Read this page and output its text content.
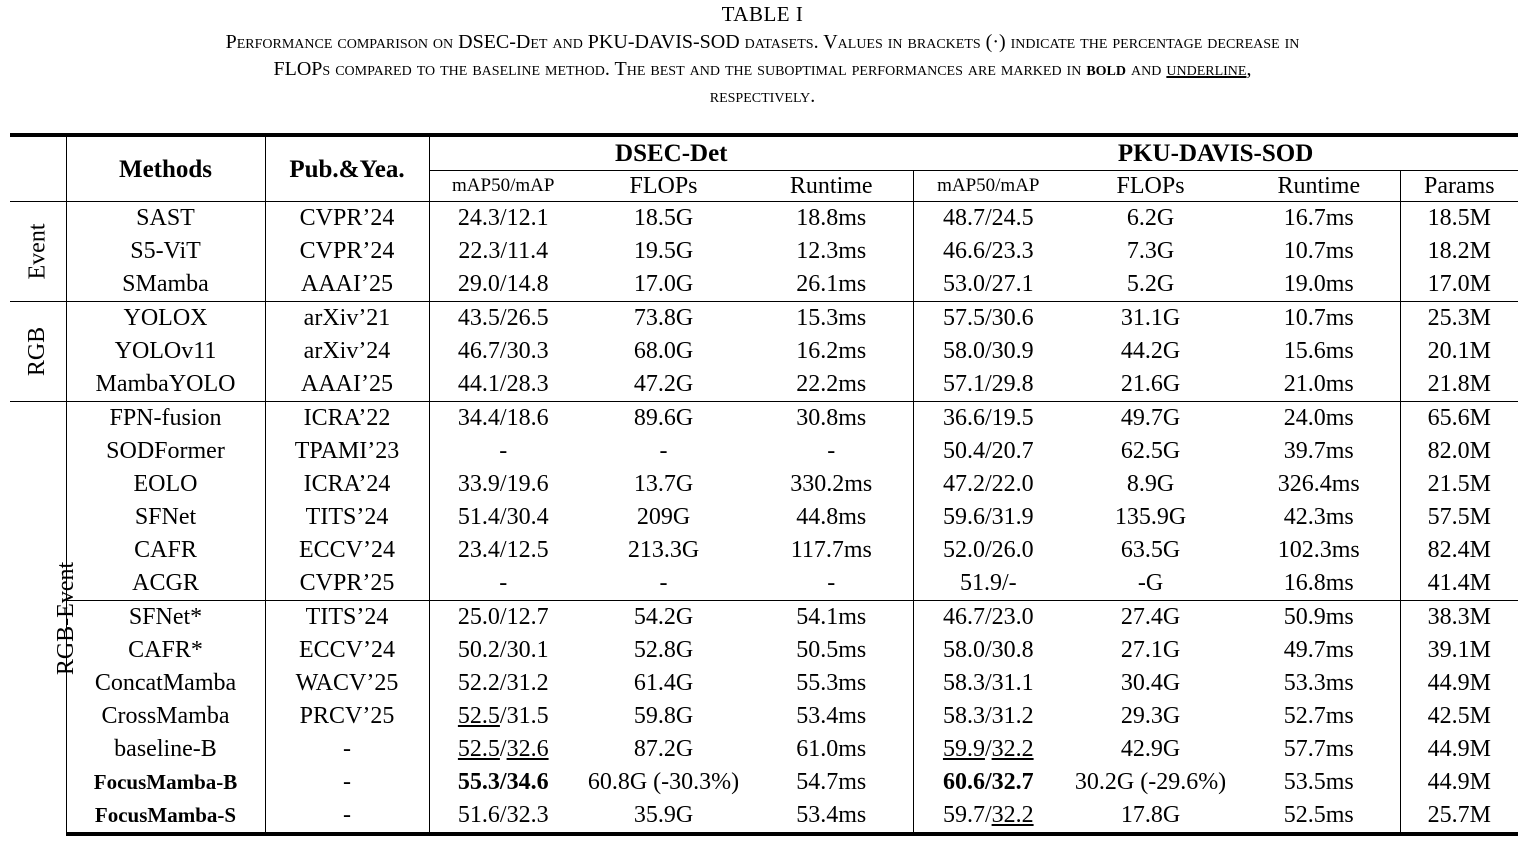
TABLE I
Performance comparison on DSEC-Det and PKU-DAVIS-SOD datasets. Values in brackets (·) indicate the percentage decrease in
FLOPs compared to the baseline method. The best and the suboptimal performances are marked in bold and underline,
respectively.
	Methods	Pub.&Yea.	DSEC-Det			PKU-DAVIS-SOD			
			mAP50/mAP	FLOPs	Runtime	mAP50/mAP	FLOPs	Runtime	Params
Event	SAST	CVPR’24	24.3/12.1	18.5G	18.8ms	48.7/24.5	6.2G	16.7ms	18.5M
	S5-ViT	CVPR’24	22.3/11.4	19.5G	12.3ms	46.6/23.3	7.3G	10.7ms	18.2M
	SMamba	AAAI’25	29.0/14.8	17.0G	26.1ms	53.0/27.1	5.2G	19.0ms	17.0M
RGB	YOLOX	arXiv’21	43.5/26.5	73.8G	15.3ms	57.5/30.6	31.1G	10.7ms	25.3M
	YOLOv11	arXiv’24	46.7/30.3	68.0G	16.2ms	58.0/30.9	44.2G	15.6ms	20.1M
	MambaYOLO	AAAI’25	44.1/28.3	47.2G	22.2ms	57.1/29.8	21.6G	21.0ms	21.8M
RGB-Event	FPN-fusion	ICRA’22	34.4/18.6	89.6G	30.8ms	36.6/19.5	49.7G	24.0ms	65.6M
	SODFormer	TPAMI’23	-	-	-	50.4/20.7	62.5G	39.7ms	82.0M
	EOLO	ICRA’24	33.9/19.6	13.7G	330.2ms	47.2/22.0	8.9G	326.4ms	21.5M
	SFNet	TITS’24	51.4/30.4	209G	44.8ms	59.6/31.9	135.9G	42.3ms	57.5M
	CAFR	ECCV’24	23.4/12.5	213.3G	117.7ms	52.0/26.0	63.5G	102.3ms	82.4M
	ACGR	CVPR’25	-	-	-	51.9/-	-G	16.8ms	41.4M
	SFNet*	TITS’24	25.0/12.7	54.2G	54.1ms	46.7/23.0	27.4G	50.9ms	38.3M
	CAFR*	ECCV’24	50.2/30.1	52.8G	50.5ms	58.0/30.8	27.1G	49.7ms	39.1M
	ConcatMamba	WACV’25	52.2/31.2	61.4G	55.3ms	58.3/31.1	30.4G	53.3ms	44.9M
	CrossMamba	PRCV’25	52.5/31.5	59.8G	53.4ms	58.3/31.2	29.3G	52.7ms	42.5M
	baseline-B	-	52.5/32.6	87.2G	61.0ms	59.9/32.2	42.9G	57.7ms	44.9M
	FocusMamba-B	-	55.3/34.6	60.8G (-30.3%)	54.7ms	60.6/32.7	30.2G (-29.6%)	53.5ms	44.9M
	FocusMamba-S	-	51.6/32.3	35.9G	53.4ms	59.7/32.2	17.8G	52.5ms	25.7M
